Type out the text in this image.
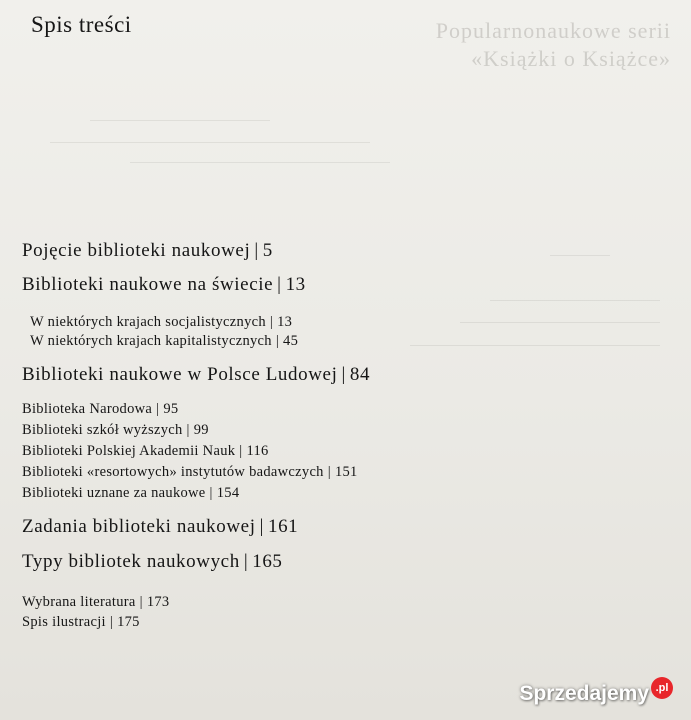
Popularnonaukowe serii
«Książki o Książce»
Spis treści
Pojęcie biblioteki naukowej | 5
Biblioteki naukowe na świecie | 13
W niektórych krajach socjalistycznych | 13
W niektórych krajach kapitalistycznych | 45
Biblioteki naukowe w Polsce Ludowej | 84
Biblioteka Narodowa | 95
Biblioteki szkół wyższych | 99
Biblioteki Polskiej Akademii Nauk | 116
Biblioteki «resortowych» instytutów badawczych | 151
Biblioteki uznane za naukowe | 154
Zadania biblioteki naukowej | 161
Typy bibliotek naukowych | 165
Wybrana literatura | 173
Spis ilustracji | 175
Sprzedajemy .pl
